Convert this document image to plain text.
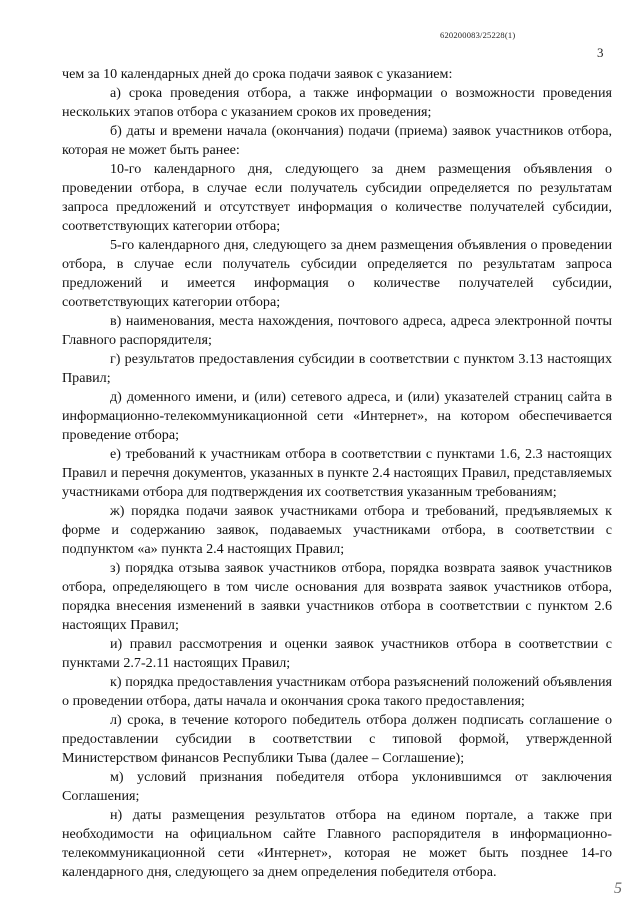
620200083/25228(1)
3

чем за 10 календарных дней до срока подачи заявок с указанием:

а) срока проведения отбора, а также информации о возможности проведения нескольких этапов отбора с указанием сроков их проведения;

б) даты и времени начала (окончания) подачи (приема) заявок участников отбора, которая не может быть ранее:

10-го календарного дня, следующего за днем размещения объявления о проведении отбора, в случае если получатель субсидии определяется по результатам запроса предложений и отсутствует информация о количестве получателей субсидии, соответствующих категории отбора;

5-го календарного дня, следующего за днем размещения объявления о проведении отбора, в случае если получатель субсидии определяется по результатам запроса предложений и имеется информация о количестве получателей субсидии, соответствующих категории отбора;

в) наименования, места нахождения, почтового адреса, адреса электронной почты Главного распорядителя;

г) результатов предоставления субсидии в соответствии с пунктом 3.13 настоящих Правил;

д) доменного имени, и (или) сетевого адреса, и (или) указателей страниц сайта в информационно-телекоммуникационной сети «Интернет», на котором обеспечивается проведение отбора;

е) требований к участникам отбора в соответствии с пунктами 1.6, 2.3 настоящих Правил и перечня документов, указанных в пункте 2.4 настоящих Правил, представляемых участниками отбора для подтверждения их соответствия указанным требованиям;

ж) порядка подачи заявок участниками отбора и требований, предъявляемых к форме и содержанию заявок, подаваемых участниками отбора, в соответствии с подпунктом «а» пункта 2.4 настоящих Правил;

з) порядка отзыва заявок участников отбора, порядка возврата заявок участников отбора, определяющего в том числе основания для возврата заявок участников отбора, порядка внесения изменений в заявки участников отбора в соответствии с пунктом 2.6 настоящих Правил;

и) правил рассмотрения и оценки заявок участников отбора в соответствии с пунктами 2.7-2.11 настоящих Правил;

к) порядка предоставления участникам отбора разъяснений положений объявления о проведении отбора, даты начала и окончания срока такого предоставления;

л) срока, в течение которого победитель отбора должен подписать соглашение о предоставлении субсидии в соответствии с типовой формой, утвержденной Министерством финансов Республики Тыва (далее – Соглашение);

м) условий признания победителя отбора уклонившимся от заключения Соглашения;

н) даты размещения результатов отбора на едином портале, а также при необходимости на официальном сайте Главного распорядителя в информационно-телекоммуникационной сети «Интернет», которая не может быть позднее 14-го календарного дня, следующего за днем определения победителя отбора.

5
